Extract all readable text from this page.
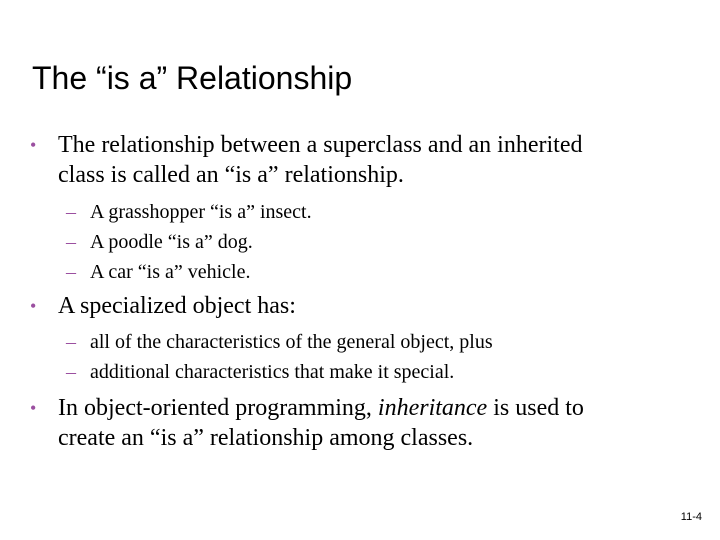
The “is a” Relationship
• The relationship between a superclass and an inherited
class is called an “is a” relationship.
– A grasshopper “is a” insect.
– A poodle “is a” dog.
– A car “is a” vehicle.
• A specialized object has:
– all of the characteristics of the general object, plus
– additional characteristics that make it special.
• In object-oriented programming, inheritance is used to
create an “is a” relationship among classes.
11-4
